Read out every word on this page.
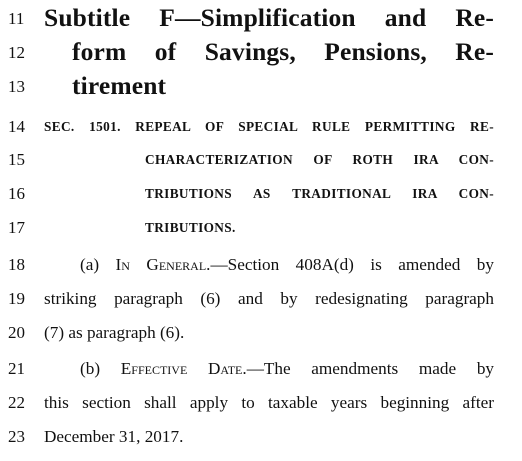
11 Subtitle F—Simplification and Re-
12	form of Savings, Pensions, Re-
13	tirement
14	SEC. 1501. REPEAL OF SPECIAL RULE PERMITTING RE-
15	CHARACTERIZATION OF ROTH IRA CON-
16	TRIBUTIONS AS TRADITIONAL IRA CON-
17	TRIBUTIONS.
18	(a) In General.—Section 408A(d) is amended by
19	striking paragraph (6) and by redesignating paragraph
20	(7) as paragraph (6).
21	(b) Effective Date.—The amendments made by
22	this section shall apply to taxable years beginning after
23	December 31, 2017.
